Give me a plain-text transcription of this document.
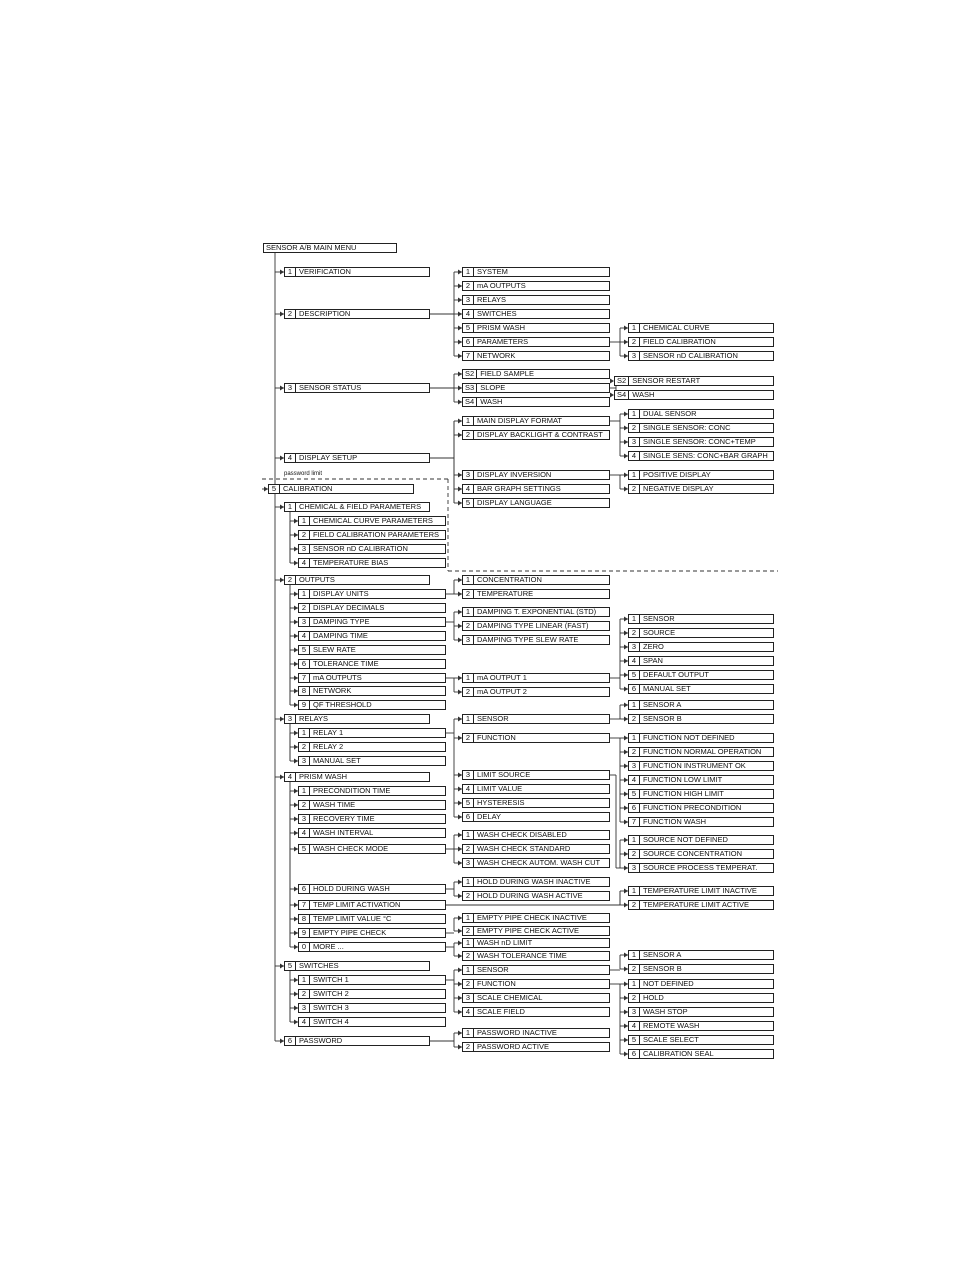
SENSOR A/B MAIN MENU
1 VERIFICATION
2 DESCRIPTION
1 SYSTEM
2 mA OUTPUTS
3 RELAYS
4 SWITCHES
5 PRISM WASH
6 PARAMETERS
7 NETWORK
1 CHEMICAL CURVE
2 FIELD CALIBRATION
3 SENSOR nD CALIBRATION
3 SENSOR STATUS
S2 FIELD SAMPLE
S3 SLOPE
S4 WASH
S2 SENSOR RESTART
S4 WASH
4 DISPLAY SETUP
1 MAIN DISPLAY FORMAT
2 DISPLAY BACKLIGHT & CONTRAST
3 DISPLAY INVERSION
4 BAR GRAPH SETTINGS
5 DISPLAY LANGUAGE
1 DUAL SENSOR
2 SINGLE SENSOR: CONC
3 SINGLE SENSOR: CONC+TEMP
4 SINGLE SENS: CONC+BAR GRAPH
1 POSITIVE DISPLAY
2 NEGATIVE DISPLAY
password limit
5 CALIBRATION
1 CHEMICAL & FIELD PARAMETERS
1 CHEMICAL CURVE PARAMETERS
2 FIELD CALIBRATION PARAMETERS
3 SENSOR nD CALIBRATION
4 TEMPERATURE BIAS
2 OUTPUTS
1 DISPLAY UNITS
2 DISPLAY DECIMALS
3 DAMPING TYPE
4 DAMPING TIME
5 SLEW RATE
6 TOLERANCE TIME
7 mA OUTPUTS
8 NETWORK
9 QF THRESHOLD
1 CONCENTRATION
2 TEMPERATURE
1 DAMPING T. EXPONENTIAL (STD)
2 DAMPING TYPE LINEAR (FAST)
3 DAMPING TYPE SLEW RATE
1 mA OUTPUT 1
2 mA OUTPUT 2
1 SENSOR
2 SOURCE
3 ZERO
4 SPAN
5 DEFAULT OUTPUT
6 MANUAL SET
3 RELAYS
1 RELAY 1
2 RELAY 2
3 MANUAL SET
1 SENSOR
2 FUNCTION
3 LIMIT SOURCE
4 LIMIT VALUE
5 HYSTERESIS
6 DELAY
1 SENSOR A
2 SENSOR B
1 FUNCTION NOT DEFINED
2 FUNCTION NORMAL OPERATION
3 FUNCTION INSTRUMENT OK
4 FUNCTION LOW LIMIT
5 FUNCTION HIGH LIMIT
6 FUNCTION PRECONDITION
7 FUNCTION WASH
1 SOURCE NOT DEFINED
2 SOURCE CONCENTRATION
3 SOURCE PROCESS TEMPERAT.
4 PRISM WASH
1 PRECONDITION TIME
2 WASH TIME
3 RECOVERY TIME
4 WASH INTERVAL
5 WASH CHECK MODE
6 HOLD DURING WASH
7 TEMP LIMIT ACTIVATION
8 TEMP LIMIT VALUE °C
9 EMPTY PIPE CHECK
0 MORE ...
1 WASH CHECK DISABLED
2 WASH CHECK STANDARD
3 WASH CHECK AUTOM. WASH CUT
1 HOLD DURING WASH INACTIVE
2 HOLD DURING WASH ACTIVE
1 TEMPERATURE LIMIT INACTIVE
2 TEMPERATURE LIMIT ACTIVE
1 EMPTY PIPE CHECK INACTIVE
2 EMPTY PIPE CHECK ACTIVE
1 WASH nD LIMIT
2 WASH TOLERANCE TIME
5 SWITCHES
1 SWITCH 1
2 SWITCH 2
3 SWITCH 3
4 SWITCH 4
1 SENSOR
2 FUNCTION
3 SCALE CHEMICAL
4 SCALE FIELD
1 SENSOR A
2 SENSOR B
1 NOT DEFINED
2 HOLD
3 WASH STOP
4 REMOTE WASH
5 SCALE SELECT
6 CALIBRATION SEAL
6 PASSWORD
1 PASSWORD INACTIVE
2 PASSWORD ACTIVE
